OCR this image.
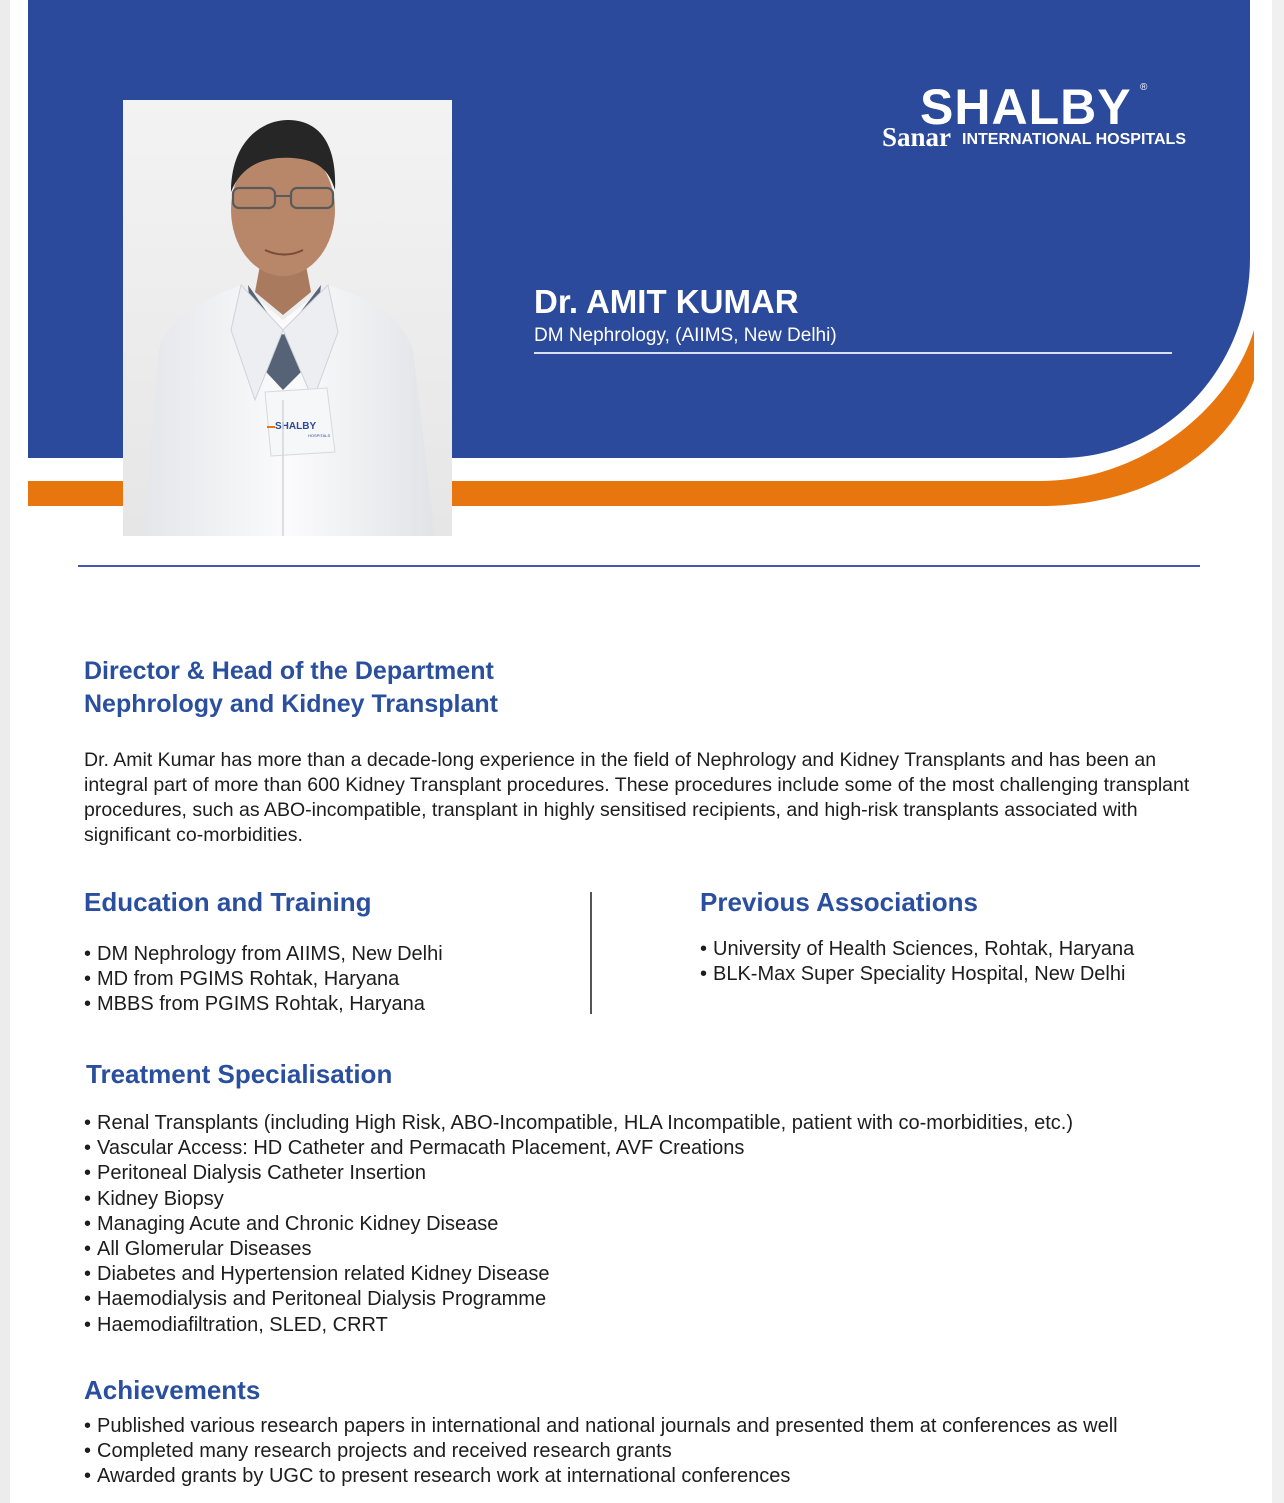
SHALBY ®
Sanar INTERNATIONAL HOSPITALS
Dr. AMIT KUMAR
DM Nephrology, (AIIMS, New Delhi)
SHALBY
HOSPITALS
Director & Head of the Department
Nephrology and Kidney Transplant
Dr. Amit Kumar has more than a decade-long experience in the field of Nephrology and Kidney Transplants and has been an integral part of more than 600 Kidney Transplant procedures. These procedures include some of the most challenging transplant procedures, such as ABO-incompatible, transplant in highly sensitised recipients, and high-risk transplants associated with significant co-morbidities.
Education and Training
• DM Nephrology from AIIMS, New Delhi
• MD from PGIMS Rohtak, Haryana
• MBBS from PGIMS Rohtak, Haryana
Previous Associations
• University of Health Sciences, Rohtak, Haryana
• BLK-Max Super Speciality Hospital, New Delhi
Treatment Specialisation
• Renal Transplants (including High Risk, ABO-Incompatible, HLA Incompatible, patient with co-morbidities, etc.)
• Vascular Access: HD Catheter and Permacath Placement, AVF Creations
• Peritoneal Dialysis Catheter Insertion
• Kidney Biopsy
• Managing Acute and Chronic Kidney Disease
• All Glomerular Diseases
• Diabetes and Hypertension related Kidney Disease
• Haemodialysis and Peritoneal Dialysis Programme
• Haemodiafiltration, SLED, CRRT
Achievements
• Published various research papers in international and national journals and presented them at conferences as well
• Completed many research projects and received research grants
• Awarded grants by UGC to present research work at international conferences
